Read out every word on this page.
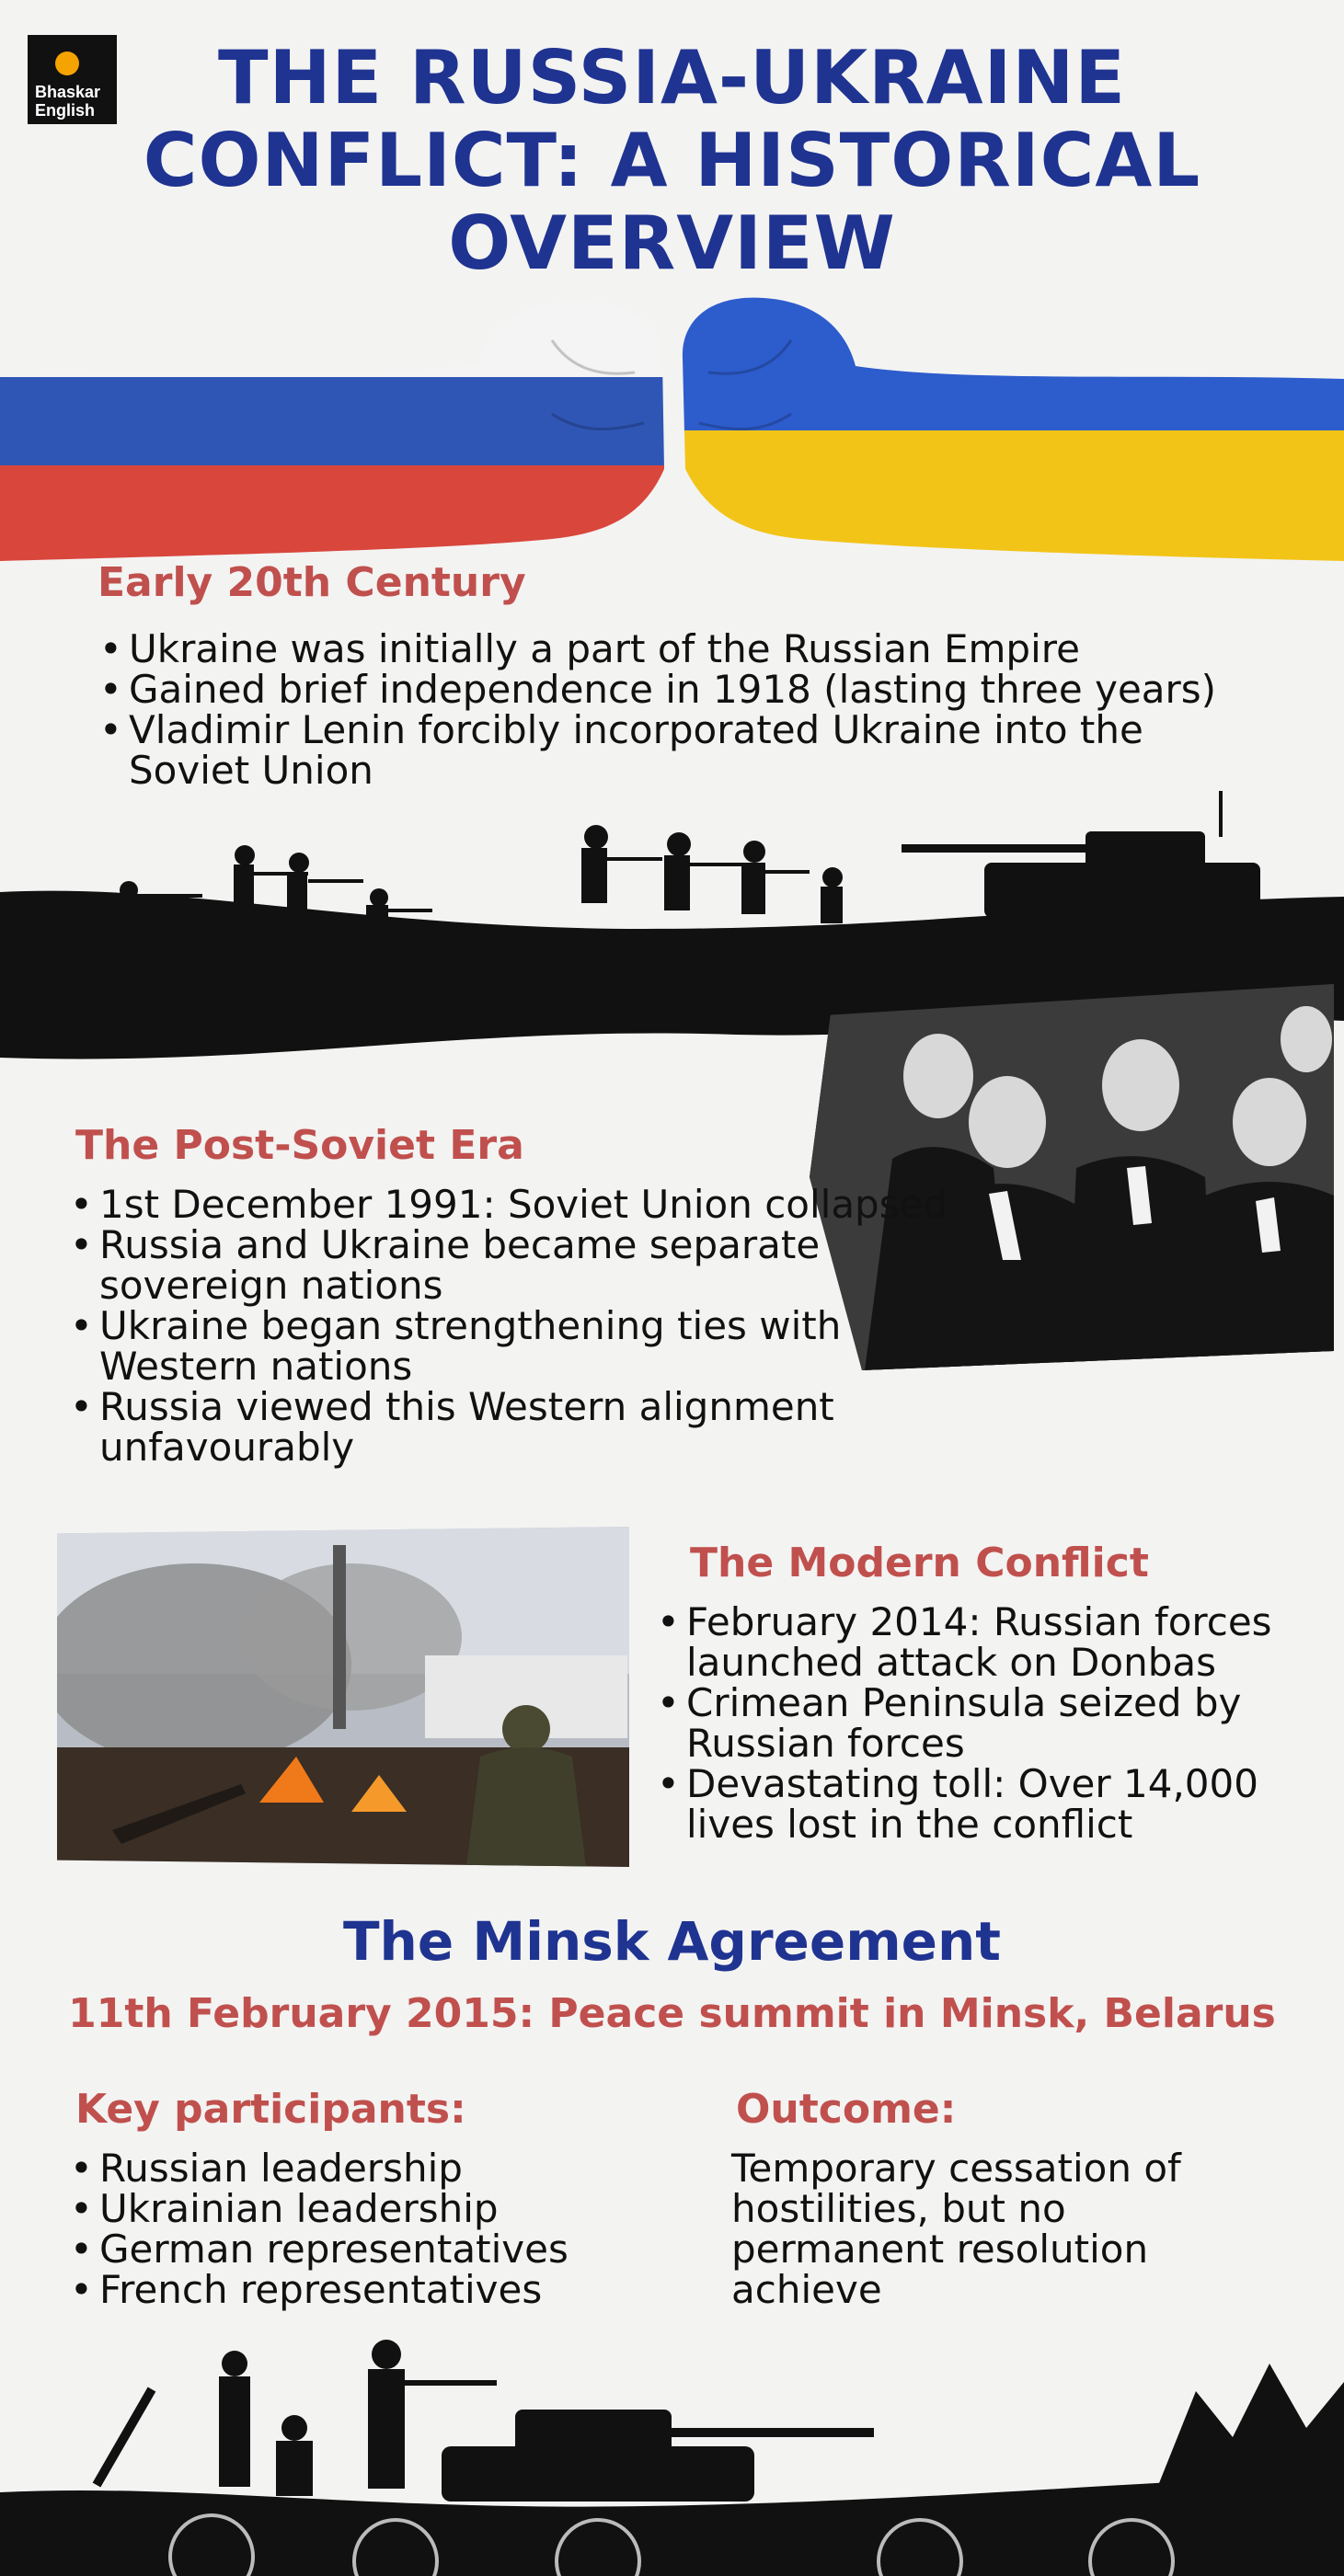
Bhaskar
English	THE RUSSIA-UKRAINE
CONFLICT: A HISTORICAL
OVERVIEW
Early 20th Century
• Ukraine was initially a part of the Russian Empire
• Gained brief independence in 1918 (lasting three years)
• Vladimir Lenin forcibly incorporated Ukraine into the Soviet Union
The Post-Soviet Era
• 1st December 1991: Soviet Union collapsed
• Russia and Ukraine became separate sovereign nations
• Ukraine began strengthening ties with Western nations
• Russia viewed this Western alignment unfavourably
The Modern Conflict
• February 2014: Russian forces launched attack on Donbas
• Crimean Peninsula seized by Russian forces
• Devastating toll: Over 14,000 lives lost in the conflict
The Minsk Agreement
11th February 2015: Peace summit in Minsk, Belarus
Key participants:
• Russian leadership
• Ukrainian leadership
• German representatives
• French representatives
Outcome:
Temporary cessation of hostilities, but no permanent resolution achieve
